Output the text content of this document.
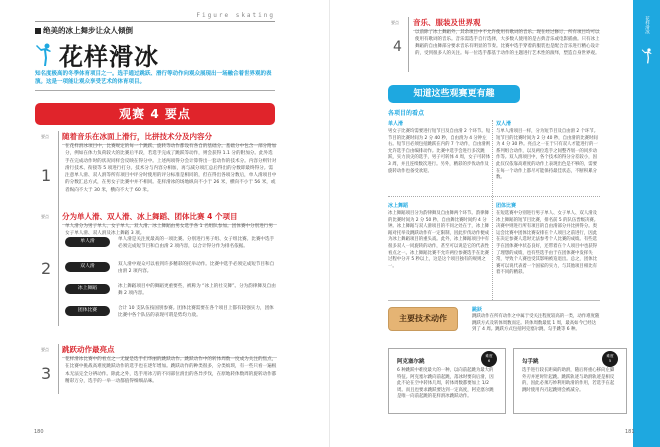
Figure skating
绝美的冰上舞步让众人倾倒
花样滑冰
知名度极高的冬季体育项目之一。选手通过跳跃、滑行等动作向观众展现出一场融合着世界观的表演。这是一项能让观众享受艺术的体育项目。
观赛 4 要点
要点
1
随着音乐在冰面上滑行，比拼技术分及内容分
在花样滑冰项目中，比赛规定的每一个跳跃、旋转等动作都设有各自的基础分。基础分中包含一部分附加分，例如在体力负荷较大的比赛后半段，若选手完成了跳跃等动作，则会获得 1.1 分的附加分。此外选手在完成动作时的状况同样会反映在得分中。上述两项得分会计算得出一套动作的技术分。内容分则针对滑行技术、衔接等 5 项进行打分。技术分与内容分相加，再与减分项汇总后得出的分数即最终得分。需注意单人滑、双人滑等所有项目中评分时使用的评分标准是相同的，但在得出各项分数后，单人滑项目中的分数汇总方式，在男女子比赛中并不相同。花样滑冰的场地纵向不小于 26 米，横向不小于 56 米，或者纵向不大于 30 米，横向不大于 60 米。
要点
2
分为单人滑、双人滑、冰上舞蹈、团体比赛 4 个项目
单人滑分为男子单人、女子单人。双人滑、冰上舞蹈由男女选手各 1 名组队参加。团体赛中分别进行男女子单人滑、双人滑及冰上舞蹈 3 项。
单人滑	单人滑是关注度最高的一项比赛。分别进行男子组、女子组比赛。比赛中选手必须完成短节目和自由滑 2 项内容，以合计得分作为排名依据。
双人滑	双人滑中观众可以看到许多精彩的托举动作。比赛中选手必须完成短节目和自由滑 2 项内容。
冰上舞蹈	冰上舞蹈项目中的舞蹈更重要些，被称为 “冰上的社交舞”。分为韵律舞及自由舞 2 项内容。
团体比赛	合计 10 支队伍按国别参赛。团体比赛需要在各个项目上都有较强实力，团体比赛中各个队伍的表现可谓是势均力敌。
要点
3
跳跃动作最亮点
花样滑冰比赛中的看点之一无疑是选手们华丽的跳跃动作。跳跃动作中的转体周数一度成为关注的焦点，在比赛中挑战高难度跳跃动作的选手也在逐年增加。跳跃动作的种类很多，分类烦琐，有一些只看一遍根本无法完全分辨动作。除此之外，选手用冰刀的不同部位滑出的各异步伐，在原地转体数周的旋转动作都精彩万分，选手的一举一动都值得细细品味。
180
花样滑冰
要点
4
音乐、服装及世界观
以前除了冰上舞蹈外，其余项目中不允许使用有歌词的音乐。现在经过修订，所有项目均可以使用有歌词的音乐。音乐需选手自行选择，大多数人使用的是古典音乐或电影插曲。只有冰上舞蹈的自由舞部分要求音乐有明显的节奏。比赛中选手穿着的服装也是配合音乐进行精心设计的，受到很多人的关注。每一位选手都基于动作的主题进行艺术性的演绎，塑造自身世界观。
知道这些观赛更有趣
各项目的看点
单人滑
男女子比赛均需要进行短节目及自由滑 2 个环节。短节目的比赛时间为 2 分 40 秒，自由滑为 4 分钟左右。短节目必须包括跳跃在内的 7 个动作，自由滑则允许选手自由编排动作。比赛中选手会进行多次跳跃，实力顶尖的选手，男子可转体 4 周，女子可转体 3 周，并且连续数次进行。另外，精彩的步伐动作及旋转动作也备受欢迎。
双人滑
与单人滑项目一样，分为短节目及自由滑 2 个环节。短节目的比赛时间为 2 分 40 秒，自由滑的比赛时间为 4 分 30 秒。亮点之一在于只有双人才能进行的一系列组合动作，以及两位选手之间整齐划一的同步动作等。双人滑项目中，各个技术的得分分差较小，因此仅仅依靠高难度的动作上表现出色是不够的，需要在每一个动作上都尽可能保持最佳状态，不断积累分数。
冰上舞蹈
冰上舞蹈项目分为韵律舞及自由舞两个环节。韵律舞的比赛时间为 2 分 50 秒，自由舞比赛时间约 4 分钟。冰上舞蹈与双人滑项目的不同之处在于，冰上舞蹈对托举及跳跃动作有一定限制，因此步伐动作便成为冰上舞蹈项目的重头戏。此外，冰上舞蹈项目中有很多双人一同旋转的动作，甚至可以说是它的代表性看点之一。冰上舞蹈比赛不允许两位参赛选手在比赛过程中分开 5 秒以上，这是这个项目独有的规则之一。
团体比赛
在短选赛中分别进行男子单人、女子单人、双人滑及冰上舞蹈的短节目比赛，排名前 5 的队伍晋级决赛。决赛中则进行所有项目的自由滑部分并比拼得分。奥运会比赛中团体比赛安排在个人项目之前进行，因此在决定参赛人选时无法参考个人比赛的成绩。有些选手在团体赛中状态良好，还带着在个人项目中也获得了理想的成绩，也有些选手由于在团体赛中发挥失常，导致个人赛也受其影响被迫退出。总之，团体比赛可以说代表着一个国家的实力，与其他项目相比有着不同的精彩。
主要技术动作
跳跃
跳跃动作在所有动作之中属于受关注程度较高的一类，动作难度随跳跃方式及转体周数而定。转体周数最低 1 周，最高如今已经达到了 4 周。跳跃方式包括阿克塞尔跳、勾手跳等 6 种。
阿克塞尔跳
难度
6
6 种跳跃中难度最大的一种，以向前起跳为最大的特征。阿克塞尔跳向前起跳，落冰时要向后滑，因此不论在空中转体几周，转体周数都要加上 1/2 周。而且也要求跳跃要达到一定高度，阿克塞尔跳是唯一向前起跳的花样滑冰跳跃动作。
勾手跳
难度
5
选手进行较长距离的助滑，随后将重心移向左脚外刃并逆时针起跳。跳跃轨迹与助滑轨迹是相反的，因此必须巧妙利用助滑的作用，若选手在起跳时使用内刃起跳则会被减分。
181
